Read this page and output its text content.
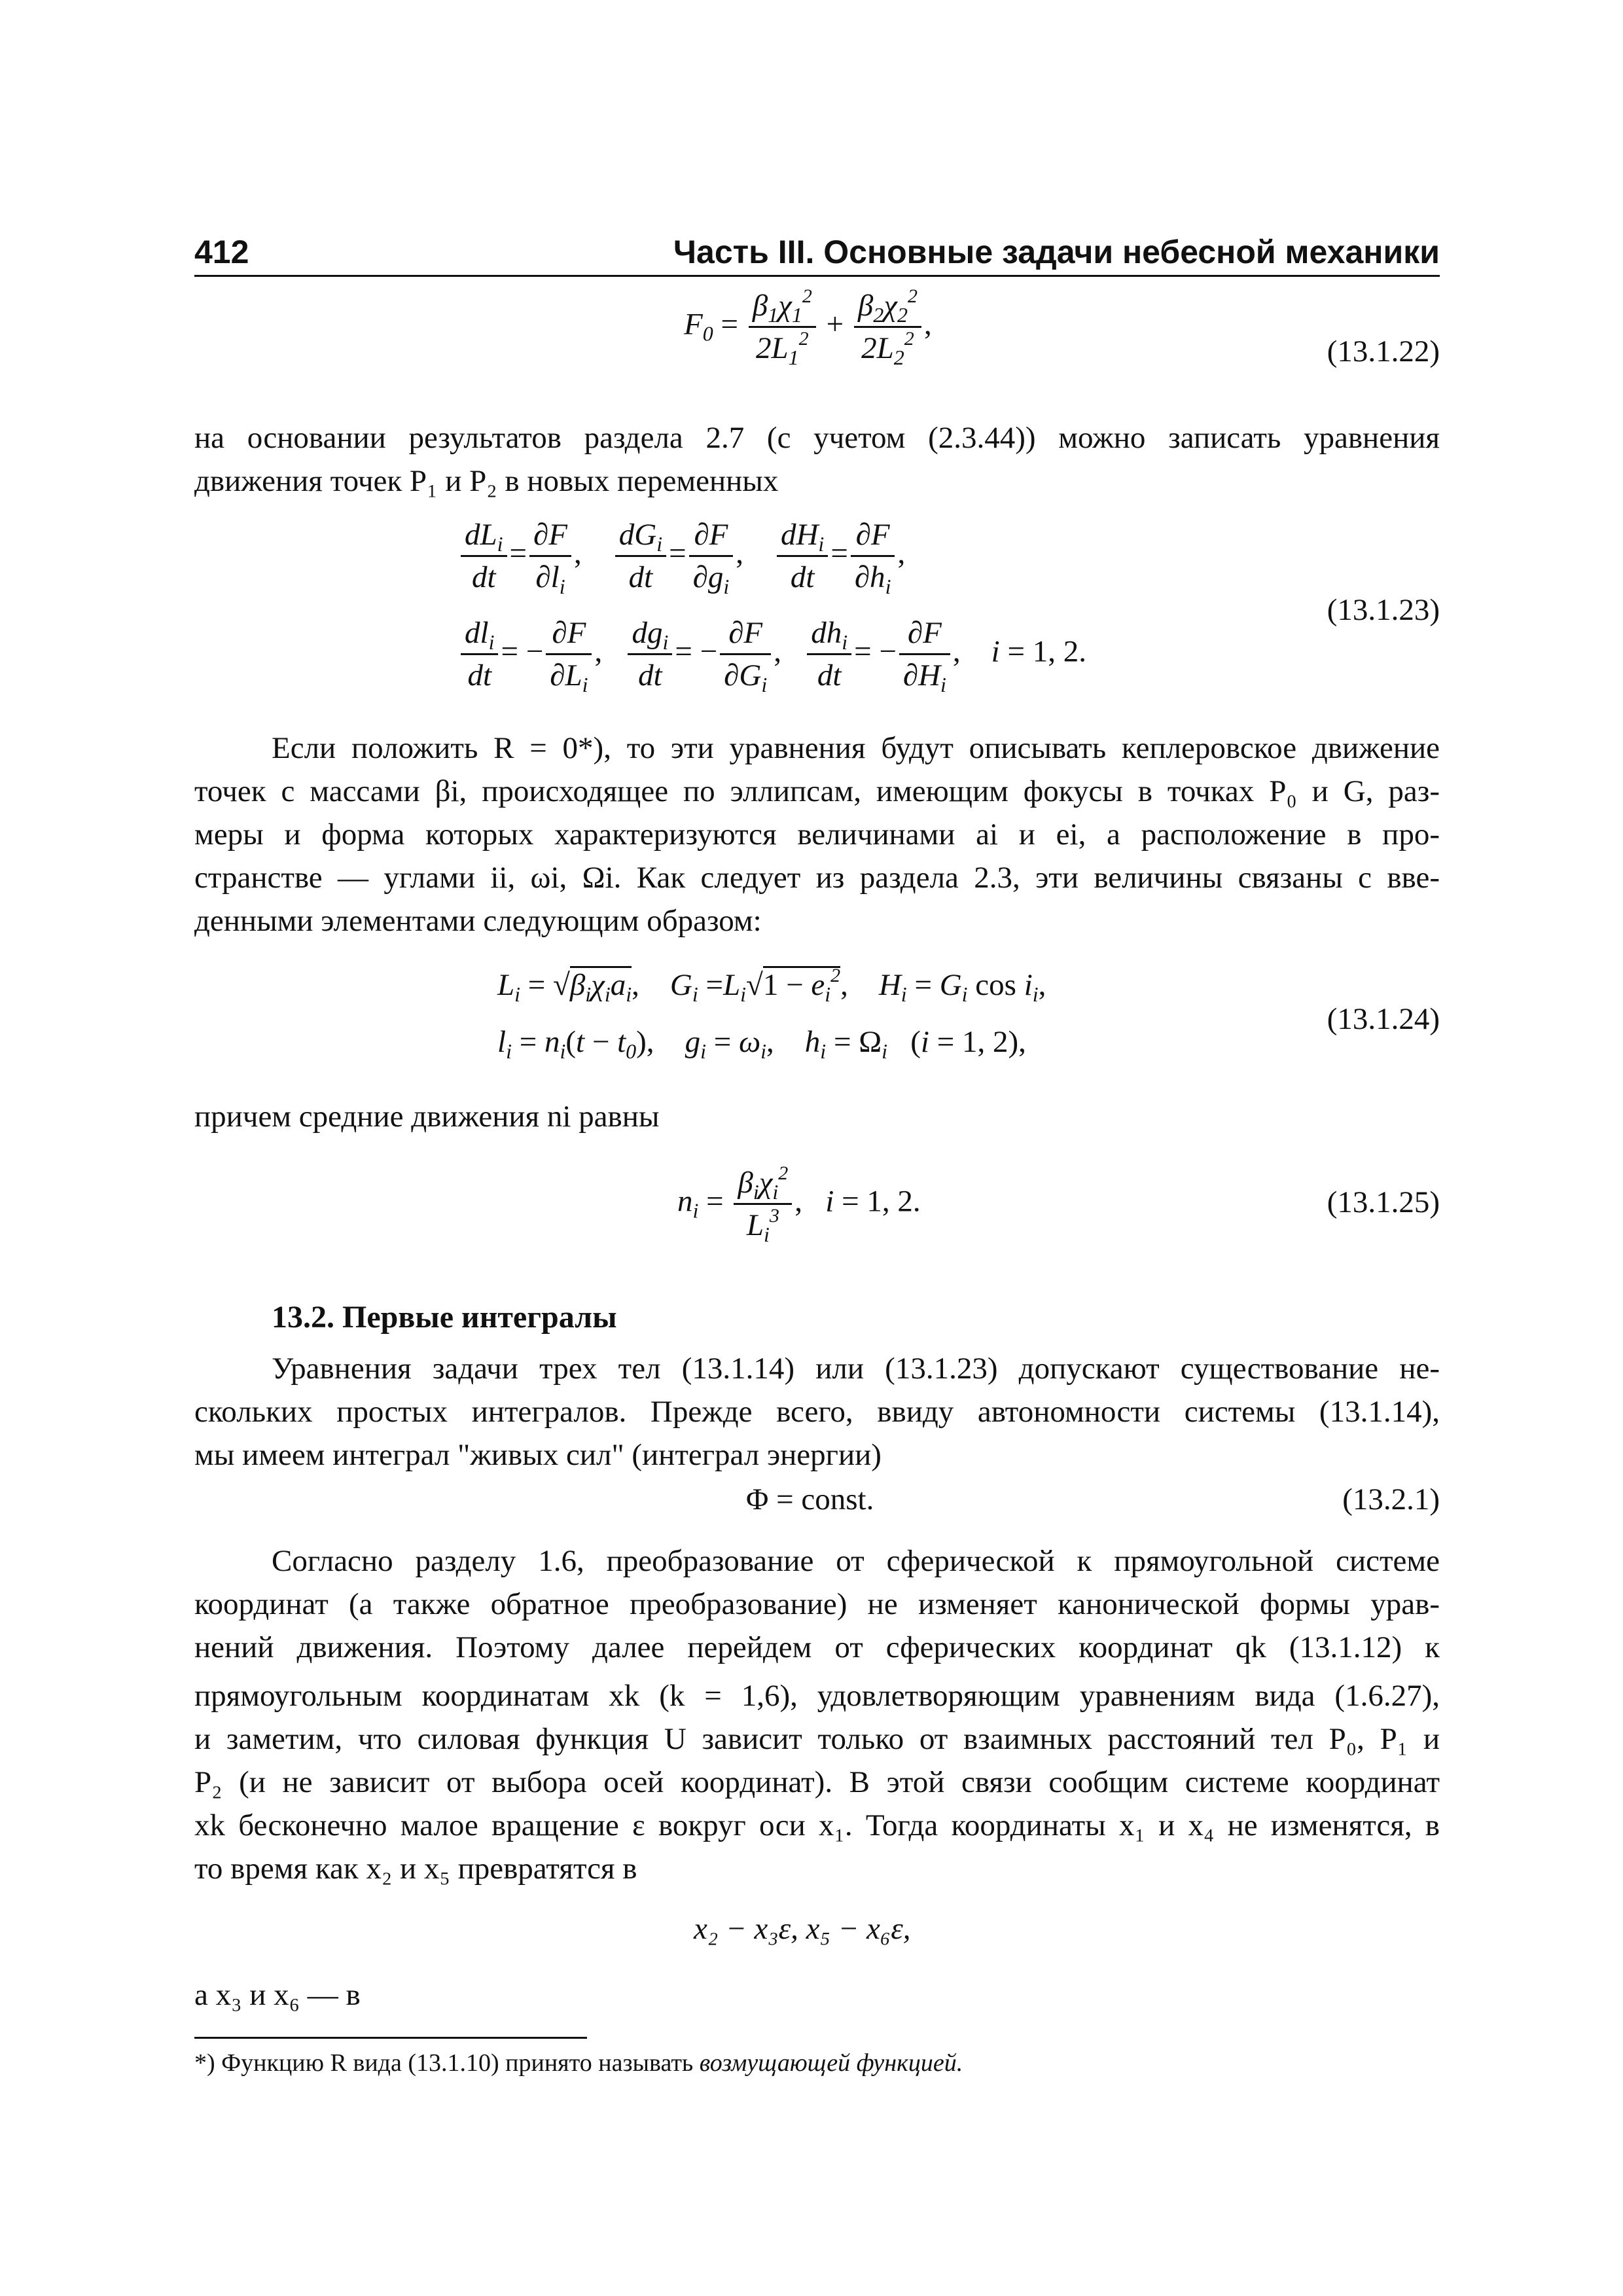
412	Часть III. Основные задачи небесной механики
$F_0 = \frac{\beta_1\chi_1^2}{2L_1^2} + \frac{\beta_2\chi_2^2}{2L_2^2}$ ,
(13.1.22)
на основании результатов раздела 2.7 (с учетом (2.3.44)) можно записать уравнения
движения точек P₁ и P₂ в новых переменных
$\frac{dL_i}{dt} = \frac{\partial F}{\partial l_i}$ , $\frac{dG_i}{dt} = \frac{\partial F}{\partial g_i}$ , $\frac{dH_i}{dt} = \frac{\partial F}{\partial h_i}$ ,
$\frac{dl_i}{dt}$ = − $\frac{\partial F}{\partial L_i}$ , $\frac{dg_i}{dt}$ = − $\frac{\partial F}{\partial G_i}$ , $\frac{dh_i}{dt}$ = − $\frac{\partial F}{\partial H_i}$ ,    i = 1, 2.
(13.1.23)
Если положить R = 0*), то эти уравнения будут описывать кеплеровское движение
точек с массами βi, происходящее по эллипсам, имеющим фокусы в точках P₀ и G, раз-
меры и форма которых характеризуются величинами ai и ei, а расположение в про-
странстве — углами ii, ωi, Ωi. Как следует из раздела 2.3, эти величины связаны с вве-
денными элементами следующим образом:
$L_i = √\beta_i\chi_ia_i$,    $G_i =L_i√1 - e_i^2$,    $H_i = G_i$ $\cos i_i$,
$l_i = n_i(t - t_0)$,    $g_i = \omega_i$,    $h_i = \Omega_i$   (i = 1, 2),
(13.1.24)
причем средние движения ni равны
$n_i = \frac{\beta_i\chi_i^2}{L_i^3}$ ,   i = 1, 2.	(13.1.25)
13.2. Первые интегралы
Уравнения задачи трех тел (13.1.14) или (13.1.23) допускают существование не-
скольких простых интегралов. Прежде всего, ввиду автономности системы (13.1.14),
мы имеем интеграл "живых сил" (интеграл энергии)
Φ = const.	(13.2.1)
Согласно разделу 1.6, преобразование от сферической к прямоугольной системе
координат (а также обратное преобразование) не изменяет канонической формы урав-
нений движения. Поэтому далее перейдем от сферических координат qk (13.1.12) к
прямоугольным координатам xk (k = 1,6), удовлетворяющим уравнениям вида (1.6.27),
и заметим, что силовая функция U зависит только от взаимных расстояний тел P₀, P₁ и
P₂ (и не зависит от выбора осей координат). В этой связи сообщим системе координат
xk бесконечно малое вращение ε вокруг оси x₁. Тогда координаты x₁ и x₄ не изменятся, в
то время как x₂ и x₅ превратятся в
x₂ − x₃ε, x₅ − x₆ε,
а x₃ и x₆ — в
*) Функцию R вида (13.1.10) принято называть возмущающей функцией.
